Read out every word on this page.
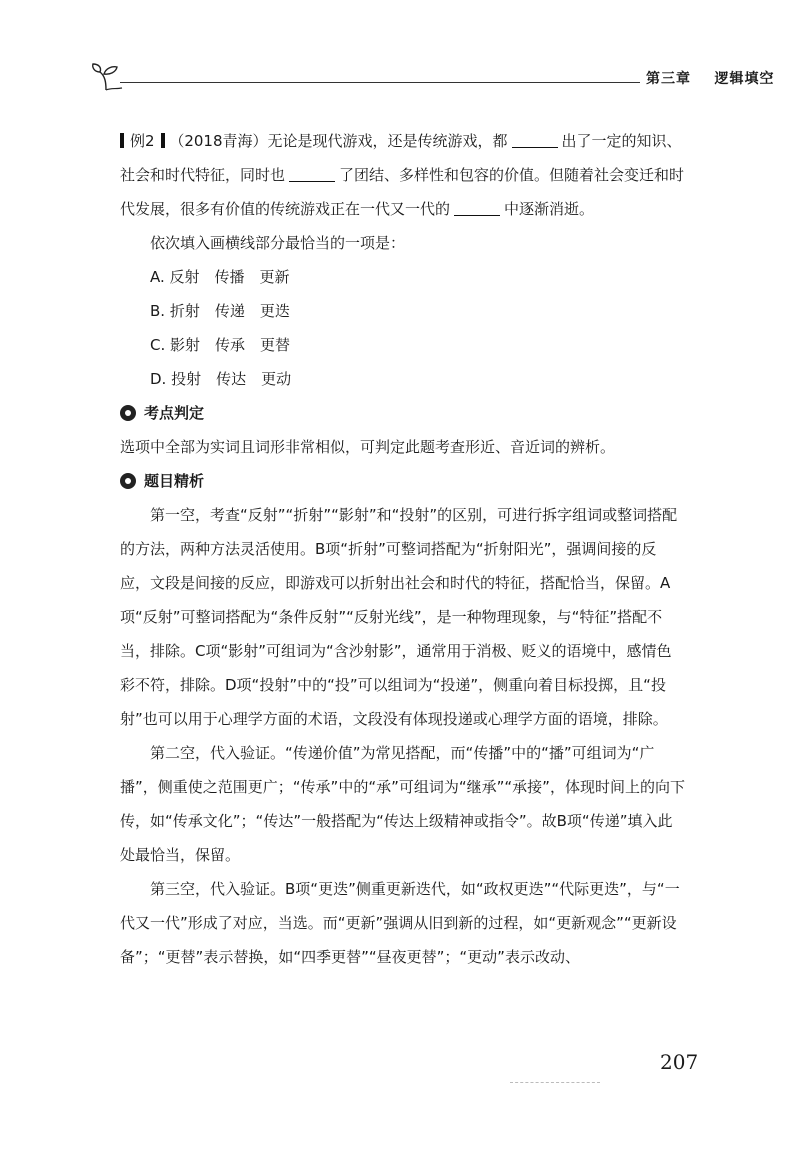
第三章 逻辑填空

例2 （2018青海）无论是现代游戏，还是传统游戏，都	出了一定的知识、社会和时代特征，同时也	了团结、多样性和包容的价值。但随着社会变迁和时代发展，很多有价值的传统游戏正在一代又一代的	中逐渐消逝。

依次填入画横线部分最恰当的一项是：

A. 反射　传播　更新

B. 折射　传递　更迭

C. 影射　传承　更替

D. 投射　传达　更动

考点判定

选项中全部为实词且词形非常相似，可判定此题考查形近、音近词的辨析。

题目精析

第一空，考查“反射”“折射”“影射”和“投射”的区别，可进行拆字组词或整词搭配的方法，两种方法灵活使用。B项“折射”可整词搭配为“折射阳光”，强调间接的反应，文段是间接的反应，即游戏可以折射出社会和时代的特征，搭配恰当，保留。A项“反射”可整词搭配为“条件反射”“反射光线”，是一种物理现象，与“特征”搭配不当，排除。C项“影射”可组词为“含沙射影”，通常用于消极、贬义的语境中，感情色彩不符，排除。D项“投射”中的“投”可以组词为“投递”，侧重向着目标投掷，且“投射”也可以用于心理学方面的术语，文段没有体现投递或心理学方面的语境，排除。

第二空，代入验证。“传递价值”为常见搭配，而“传播”中的“播”可组词为“广播”，侧重使之范围更广；“传承”中的“承”可组词为“继承”“承接”，体现时间上的向下传，如“传承文化”；“传达”一般搭配为“传达上级精神或指令”。故B项“传递”填入此处最恰当，保留。

第三空，代入验证。B项“更迭”侧重更新迭代，如“政权更迭”“代际更迭”，与“一代又一代”形成了对应，当选。而“更新”强调从旧到新的过程，如“更新观念”“更新设备”；“更替”表示替换，如“四季更替”“昼夜更替”；“更动”表示改动、

207
